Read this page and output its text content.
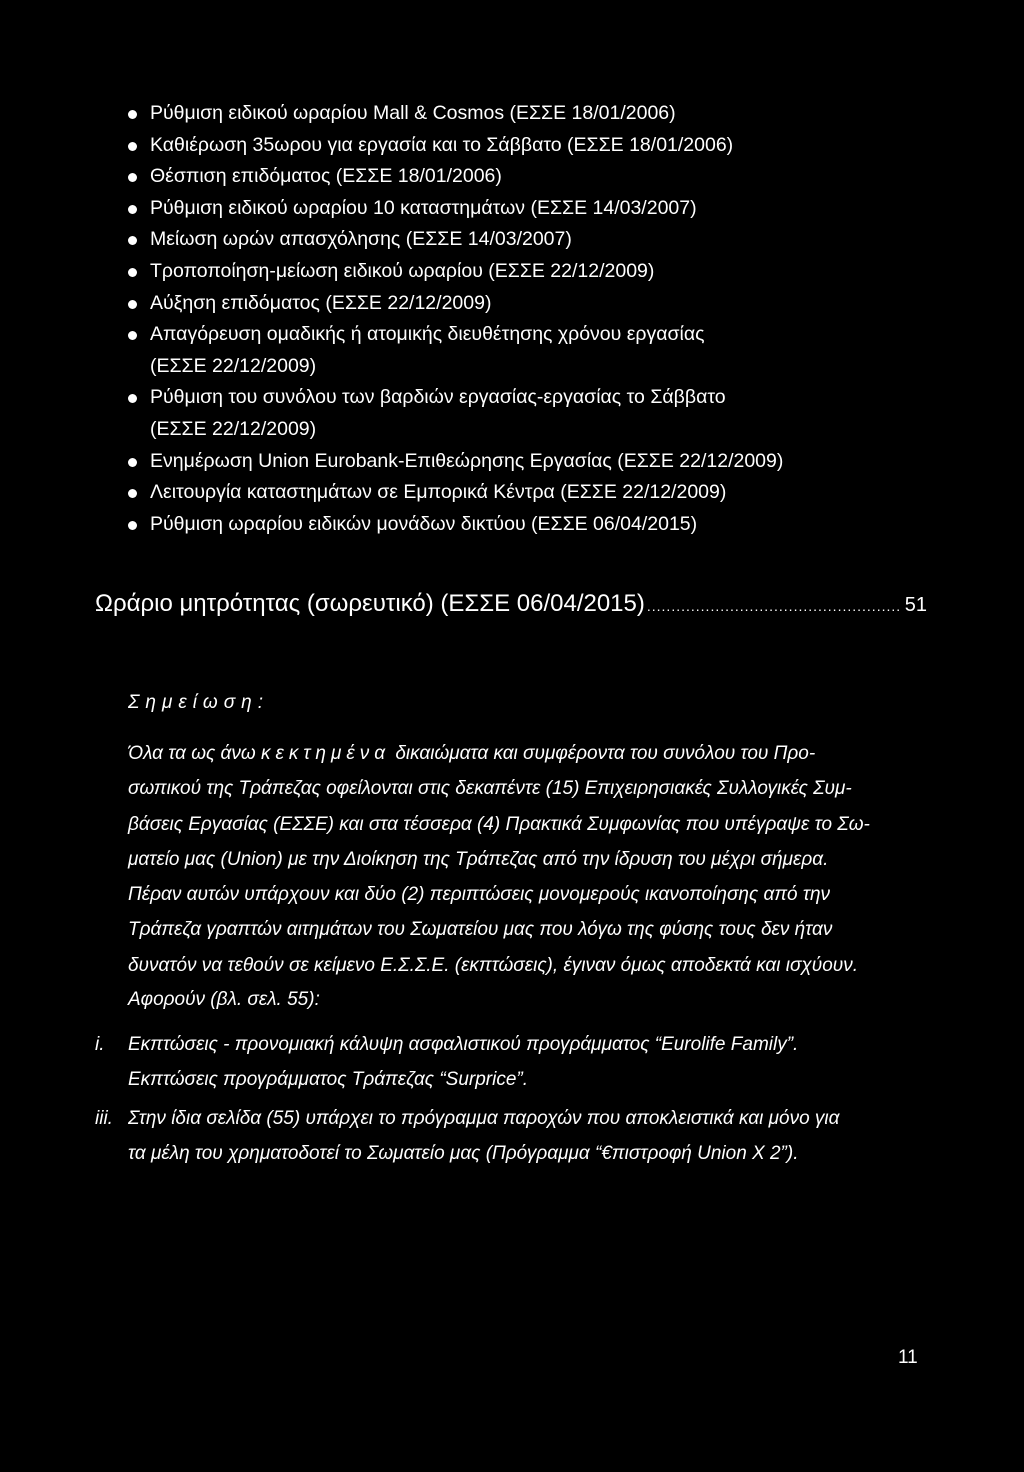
Ρύθμιση ειδικού ωραρίου Mall & Cosmos (ΕΣΣΕ 18/01/2006)
Καθιέρωση 35ωρου για εργασία και το Σάββατο (ΕΣΣΕ 18/01/2006)
Θέσπιση επιδόματος (ΕΣΣΕ 18/01/2006)
Ρύθμιση ειδικού ωραρίου 10 καταστημάτων (ΕΣΣΕ 14/03/2007)
Μείωση ωρών απασχόλησης (ΕΣΣΕ 14/03/2007)
Τροποποίηση-μείωση ειδικού ωραρίου (ΕΣΣΕ 22/12/2009)
Αύξηση επιδόματος (ΕΣΣΕ 22/12/2009)
Απαγόρευση ομαδικής ή ατομικής διευθέτησης χρόνου εργασίας
(ΕΣΣΕ 22/12/2009)
Ρύθμιση του συνόλου των βαρδιών εργασίας-εργασίας το Σάββατο
(ΕΣΣΕ 22/12/2009)
Ενημέρωση Union Eurobank-Επιθεώρησης Εργασίας (ΕΣΣΕ 22/12/2009)
Λειτουργία καταστημάτων σε Εμπορικά Κέντρα (ΕΣΣΕ 22/12/2009)
Ρύθμιση ωραρίου ειδικών μονάδων δικτύου (ΕΣΣΕ 06/04/2015)
Ωράριο μητρότητας (σωρευτικό) (ΕΣΣΕ 06/04/2015)
.....	51
Σημείωση:
Όλα τα ως άνω κεκτημένα δικαιώματα και συμφέροντα του συνόλου του Προ-
σωπικού της Τράπεζας οφείλονται στις δεκαπέντε (15) Επιχειρησιακές Συλλογικές Συμ-
βάσεις Εργασίας (ΕΣΣΕ) και στα τέσσερα (4) Πρακτικά Συμφωνίας που υπέγραψε το Σω-
ματείο μας (Union) με την Διοίκηση της Τράπεζας από την ίδρυση του μέχρι σήμερα.
Πέραν αυτών υπάρχουν και δύο (2) περιπτώσεις μονομερούς ικανοποίησης από την
Τράπεζα γραπτών αιτημάτων του Σωματείου μας που λόγω της φύσης τους δεν ήταν
δυνατόν να τεθούν σε κείμενο Ε.Σ.Σ.Ε. (εκπτώσεις), έγιναν όμως αποδεκτά και ισχύουν.
Αφορούν (βλ. σελ. 55):
i. Εκπτώσεις - προνομιακή κάλυψη ασφαλιστικού προγράμματος “Eurolife Family”.
Εκπτώσεις προγράμματος Τράπεζας “Surprice”.
iii. Στην ίδια σελίδα (55) υπάρχει το πρόγραμμα παροχών που αποκλειστικά και μόνο για
τα μέλη του χρηματοδοτεί το Σωματείο μας (Πρόγραμμα “€πιστροφή Union X 2”).
11
